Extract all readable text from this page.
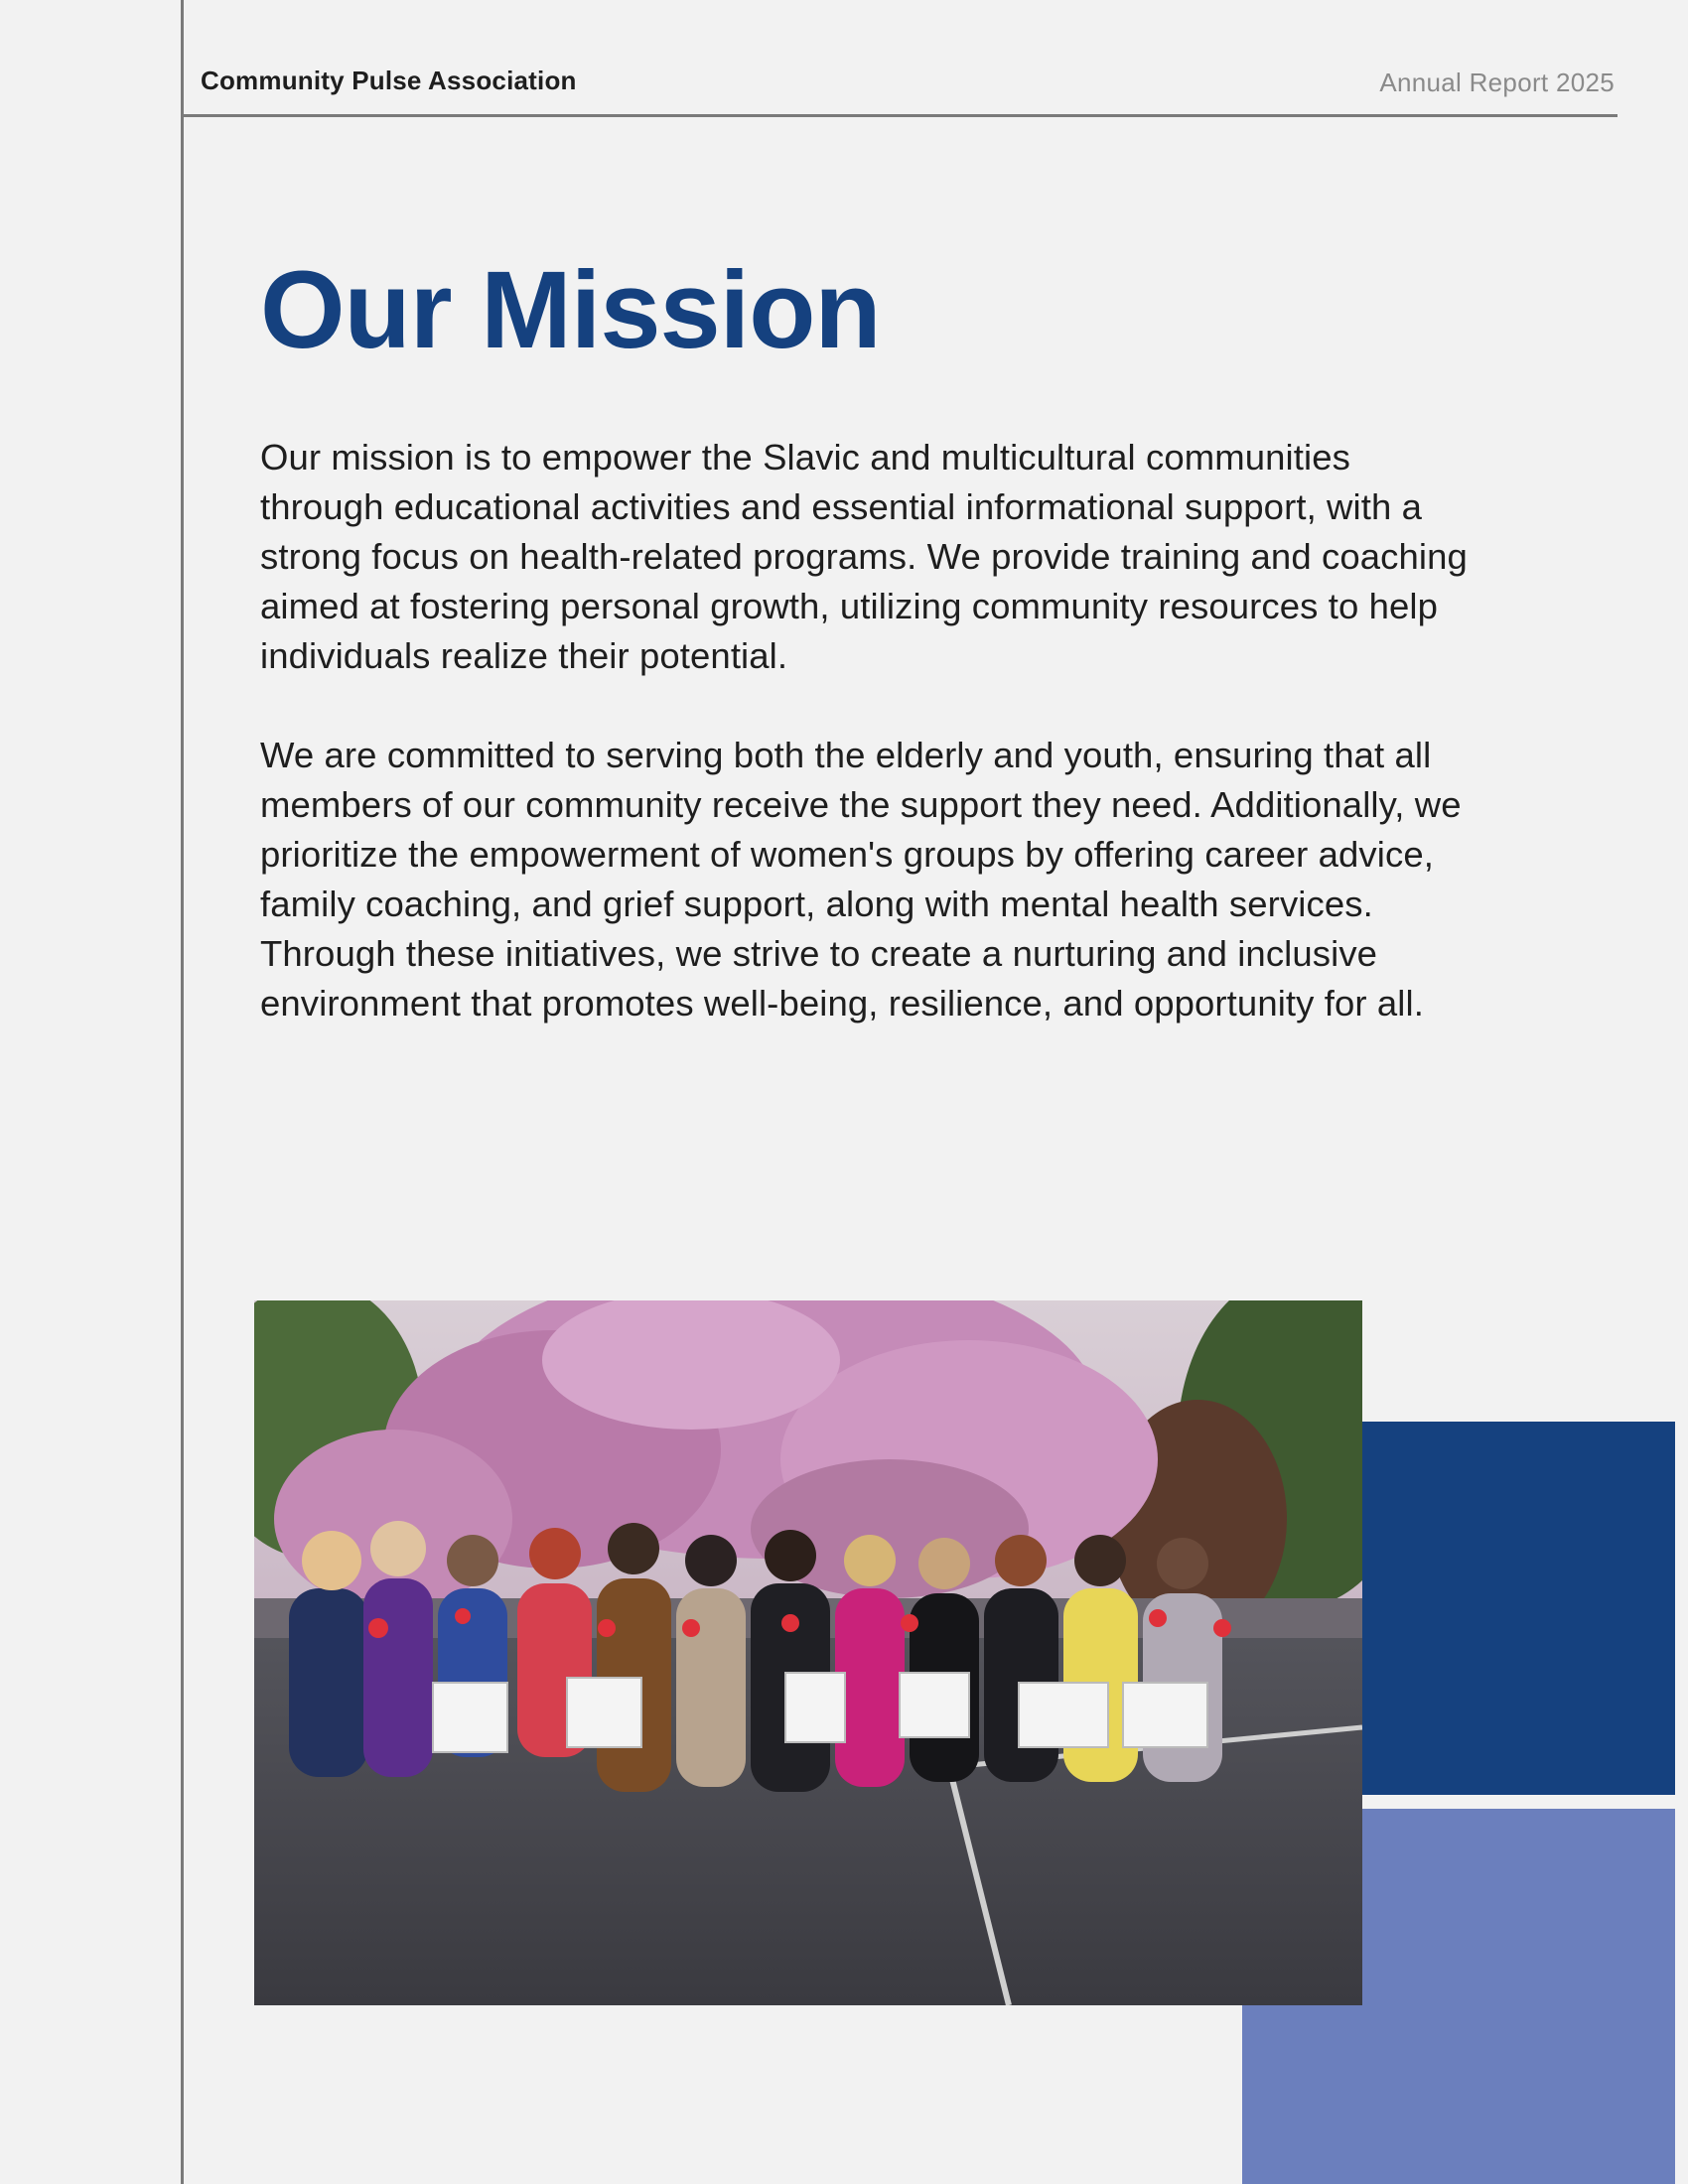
Community Pulse Association	Annual Report 2025
Our Mission

Our mission is to empower the Slavic and multicultural communities through educational activities and essential informational support, with a strong focus on health-related programs. We provide training and coaching aimed at fostering personal growth, utilizing community resources to help individuals realize their potential.

We are committed to serving both the elderly and youth, ensuring that all members of our community receive the support they need. Additionally, we prioritize the empowerment of women's groups by offering career advice, family coaching, and grief support, along with mental health services. Through these initiatives, we strive to create a nurturing and inclusive environment that promotes well-being, resilience, and opportunity for all.
